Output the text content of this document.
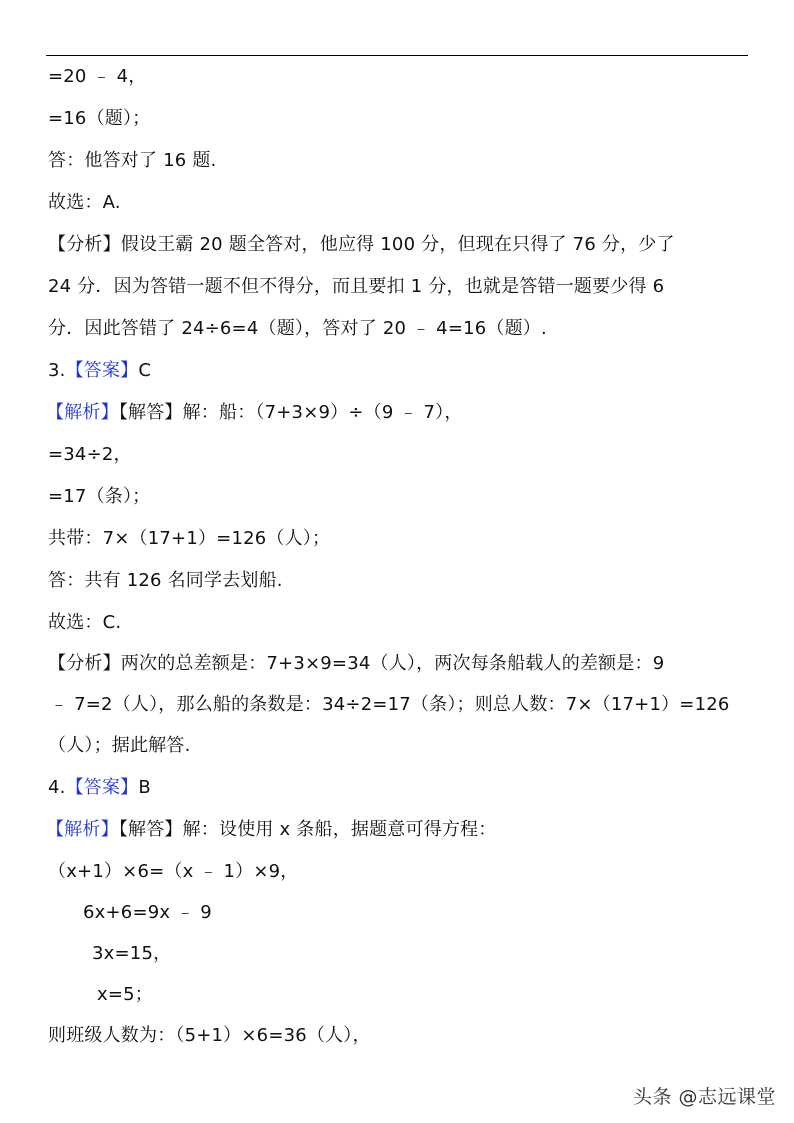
=20 ﹣ 4，
=16（题）；
答：他答对了 16 题.
故选：A.
【分析】假设王霸 20 题全答对，他应得 100 分，但现在只得了 76 分，少了
24 分．因为答错一题不但不得分，而且要扣 1 分，也就是答错一题要少得 6
分．因此答错了 24÷6=4（题），答对了 20 ﹣ 4=16（题）.
3.【答案】C
【解析】【解答】解：船：（7+3×9）÷（9 ﹣ 7），
=34÷2，
=17（条）；
共带：7×（17+1）=126（人）；
答：共有 126 名同学去划船.
故选：C.
【分析】两次的总差额是：7+3×9=34（人），两次每条船载人的差额是：9
﹣ 7=2（人），那么船的条数是：34÷2=17（条）；则总人数：7×（17+1）=126
（人）；据此解答.
4.【答案】B
【解析】【解答】解：设使用 x 条船，据题意可得方程：
（x+1）×6=（x ﹣ 1）×9，
6x+6=9x ﹣ 9
3x=15，
x=5；
则班级人数为：（5+1）×6=36（人），
头条 @志远课堂
